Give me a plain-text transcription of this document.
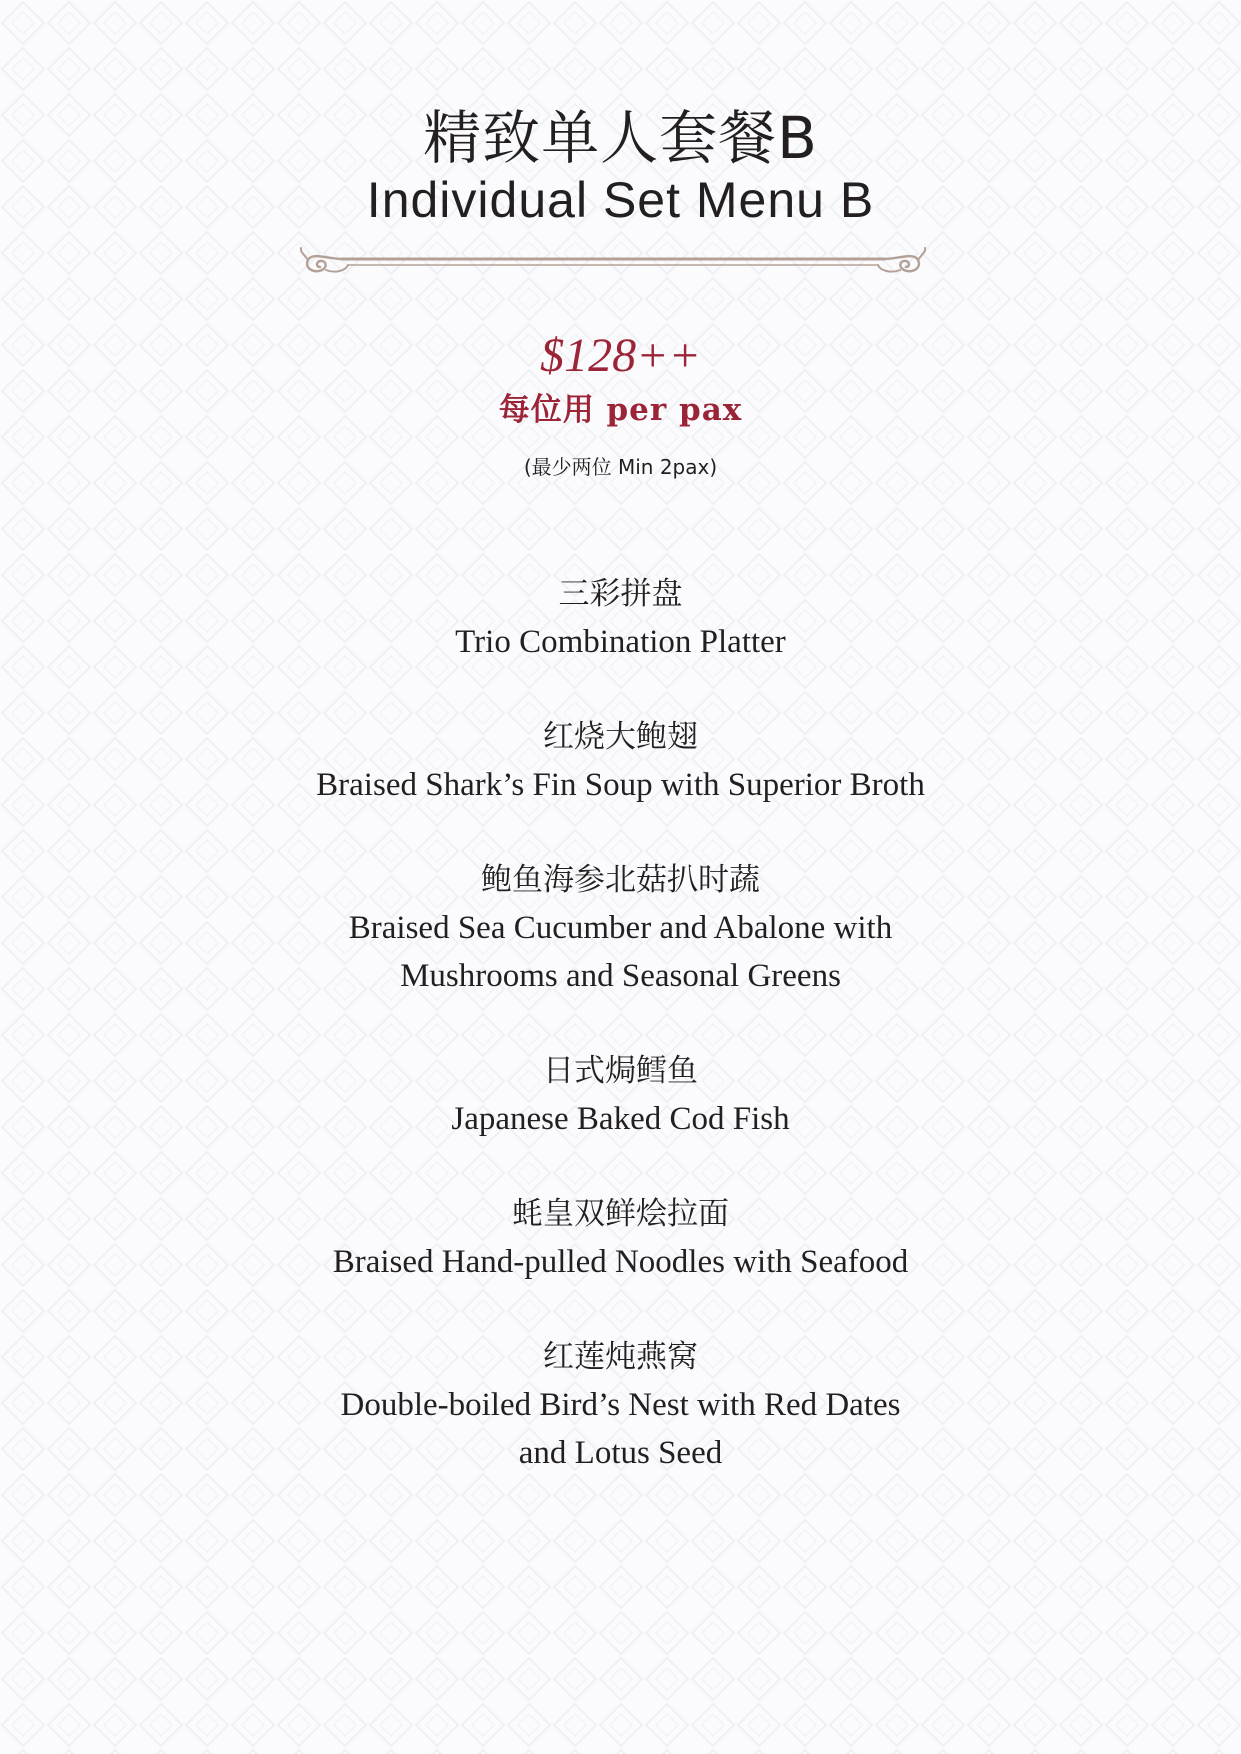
精致单人套餐B
Individual Set Menu B
$128++
每位用 per pax
(最少两位 Min 2pax)
三彩拼盘
Trio Combination Platter
红烧大鲍翅
Braised Shark’s Fin Soup with Superior Broth
鲍鱼海参北菇扒时蔬
Braised Sea Cucumber and Abalone with
Mushrooms and Seasonal Greens
日式焗鳕鱼
Japanese Baked Cod Fish
蚝皇双鲜烩拉面
Braised Hand-pulled Noodles with Seafood
红莲炖燕窝
Double-boiled Bird’s Nest with Red Dates
and Lotus Seed
